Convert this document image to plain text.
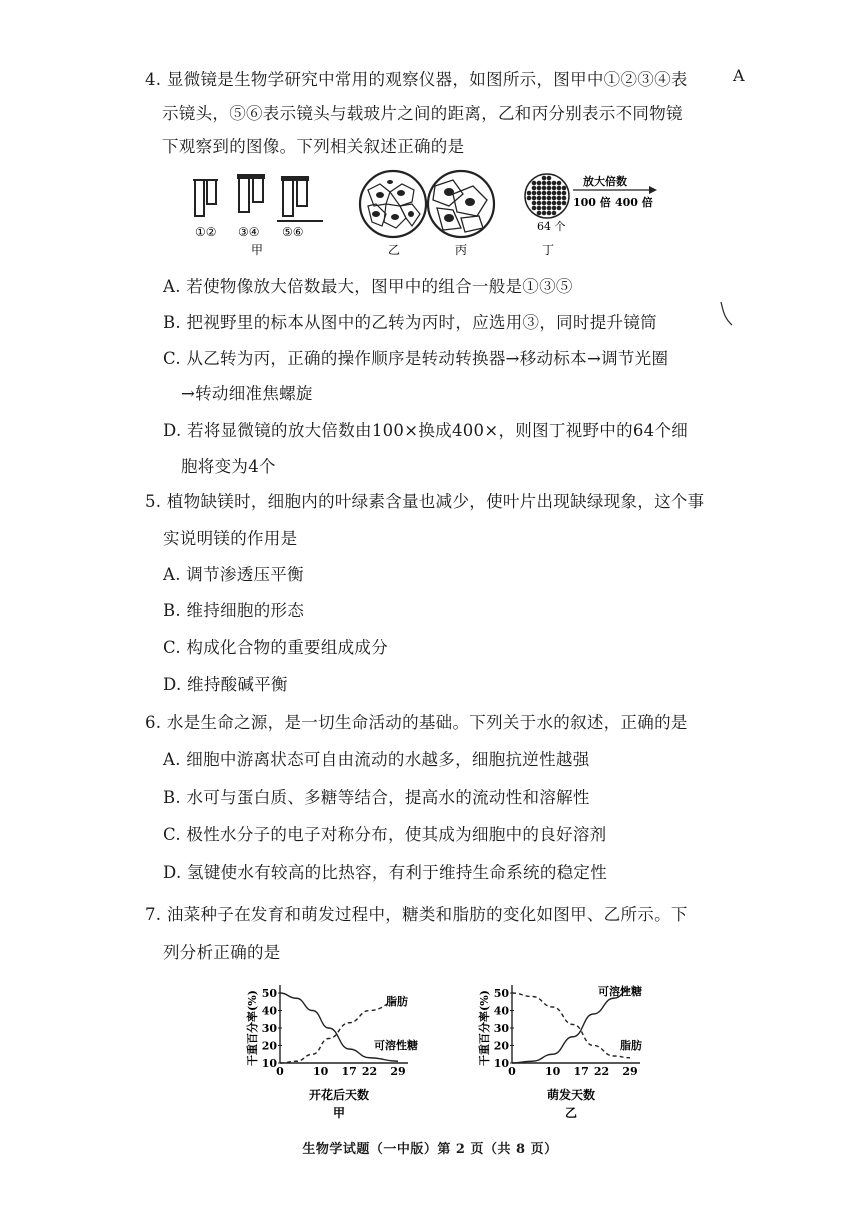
A
4. 显微镜是生物学研究中常用的观察仪器，如图所示，图甲中①②③④表
示镜头，⑤⑥表示镜头与载玻片之间的距离，乙和丙分别表示不同物镜
下观察到的图像。下列相关叙述正确的是
①② ③④ ⑤⑥
甲	乙	丙
64 个
丁
放大倍数
100 倍 400 倍
A. 若使物像放大倍数最大，图甲中的组合一般是①③⑤
B. 把视野里的标本从图中的乙转为丙时，应选用③，同时提升镜筒
C. 从乙转为丙，正确的操作顺序是转动转换器→移动标本→调节光圈
→转动细准焦螺旋
D. 若将显微镜的放大倍数由100×换成400×，则图丁视野中的64个细
胞将变为4个
5. 植物缺镁时，细胞内的叶绿素含量也减少，使叶片出现缺绿现象，这个事
实说明镁的作用是
A. 调节渗透压平衡
B. 维持细胞的形态
C. 构成化合物的重要组成成分
D. 维持酸碱平衡
6. 水是生命之源，是一切生命活动的基础。下列关于水的叙述，正确的是
A. 细胞中游离状态可自由流动的水越多，细胞抗逆性越强
B. 水可与蛋白质、多糖等结合，提高水的流动性和溶解性
C. 极性水分子的电子对称分布，使其成为细胞中的良好溶剂
D. 氢键使水有较高的比热容，有利于维持生命系统的稳定性
7. 油菜种子在发育和萌发过程中，糖类和脂肪的变化如图甲、乙所示。下
列分析正确的是
0	10 17 22 29
10
20
30
40
50
干重百分率(%)
开花后天数
甲
可溶性糖
脂肪
0	10 17 22 29
10
20
30
40
50
干重百分率(%)
萌发天数
乙
可溶性糖
脂肪
生物学试题（一中版）第 2 页（共 8 页）
